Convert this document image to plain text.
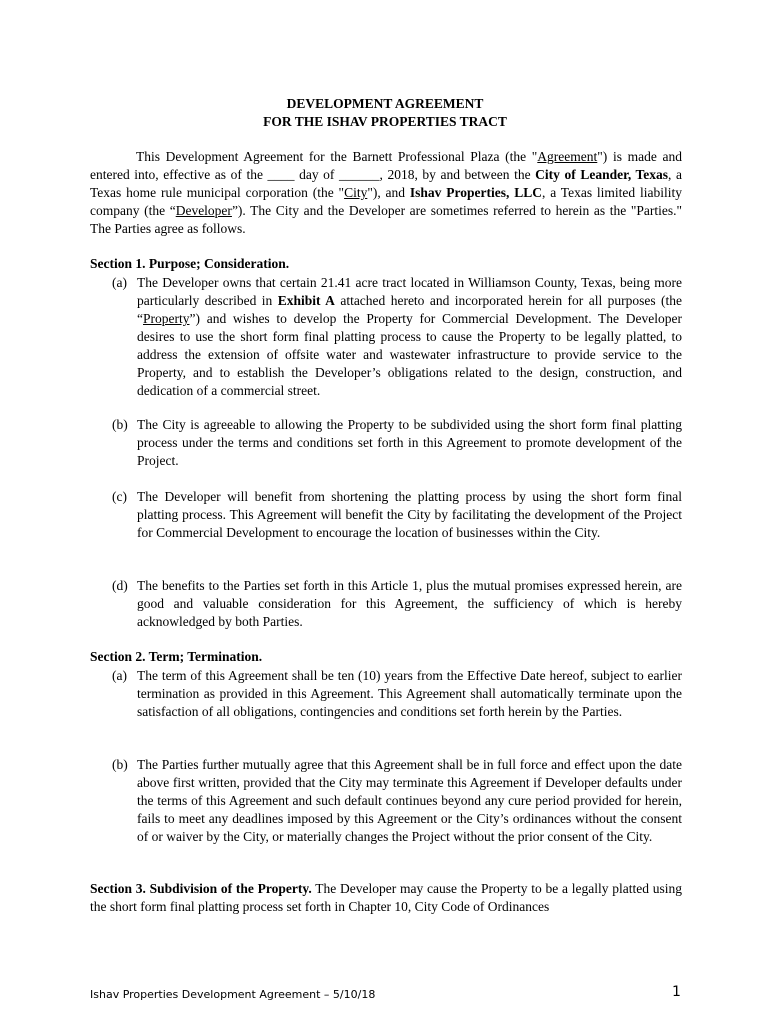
DEVELOPMENT AGREEMENT
FOR THE ISHAV PROPERTIES TRACT
This Development Agreement for the Barnett Professional Plaza (the "Agreement") is made and entered into, effective as of the ____ day of ______, 2018, by and between the City of Leander, Texas, a Texas home rule municipal corporation (the "City"), and Ishav Properties, LLC, a Texas limited liability company (the “Developer”). The City and the Developer are sometimes referred to herein as the "Parties." The Parties agree as follows.
Section 1. Purpose; Consideration.
(a) The Developer owns that certain 21.41 acre tract located in Williamson County, Texas, being more particularly described in Exhibit A attached hereto and incorporated herein for all purposes (the “Property”) and wishes to develop the Property for Commercial Development. The Developer desires to use the short form final platting process to cause the Property to be legally platted, to address the extension of offsite water and wastewater infrastructure to provide service to the Property, and to establish the Developer’s obligations related to the design, construction, and dedication of a commercial street.
(b) The City is agreeable to allowing the Property to be subdivided using the short form final platting process under the terms and conditions set forth in this Agreement to promote development of the Project.
(c) The Developer will benefit from shortening the platting process by using the short form final platting process. This Agreement will benefit the City by facilitating the development of the Project for Commercial Development to encourage the location of businesses within the City.
(d) The benefits to the Parties set forth in this Article 1, plus the mutual promises expressed herein, are good and valuable consideration for this Agreement, the sufficiency of which is hereby acknowledged by both Parties.
Section 2. Term; Termination.
(a) The term of this Agreement shall be ten (10) years from the Effective Date hereof, subject to earlier termination as provided in this Agreement. This Agreement shall automatically terminate upon the satisfaction of all obligations, contingencies and conditions set forth herein by the Parties.
(b) The Parties further mutually agree that this Agreement shall be in full force and effect upon the date above first written, provided that the City may terminate this Agreement if Developer defaults under the terms of this Agreement and such default continues beyond any cure period provided for herein, fails to meet any deadlines imposed by this Agreement or the City’s ordinances without the consent of or waiver by the City, or materially changes the Project without the prior consent of the City.
Section 3. Subdivision of the Property. The Developer may cause the Property to be a legally platted using the short form final platting process set forth in Chapter 10, City Code of Ordinances
Ishav Properties Development Agreement – 5/10/18	1
